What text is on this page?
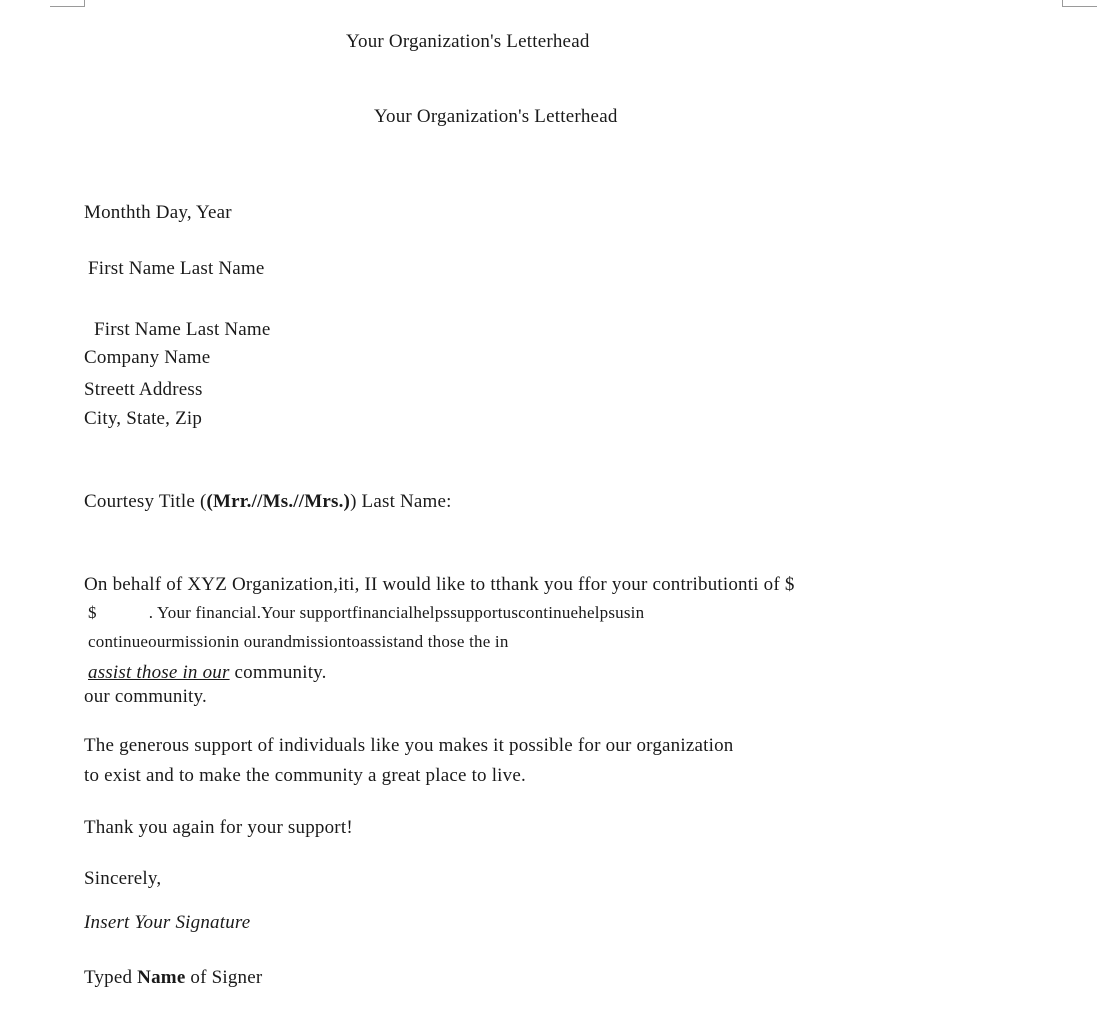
Your Organization's Letterhead
Your Organization's Letterhead
Monthth Day, Year
First Name Last Name
First Name Last Name
Company Name
Streett Address
City, State, Zip
Courtesy Title ((Mrr.//Ms.//Mrs.)) Last Name:
On behalf of XYZ Organization,iti, II would like to tthank you ffor your contributionti of $
$	. Your financial.Your supportfinancialhelpssupportuscontinuehelpsusin
continueourmissionin ourandmissiontoassistand those the in
assist those in our community.
our community.
The generous support of individuals like you makes it possible for our organization
to exist and to make the community a great place to live.
Thank you again for your support!
Sincerely,
Insert Your Signature
Typed Name of Signer
